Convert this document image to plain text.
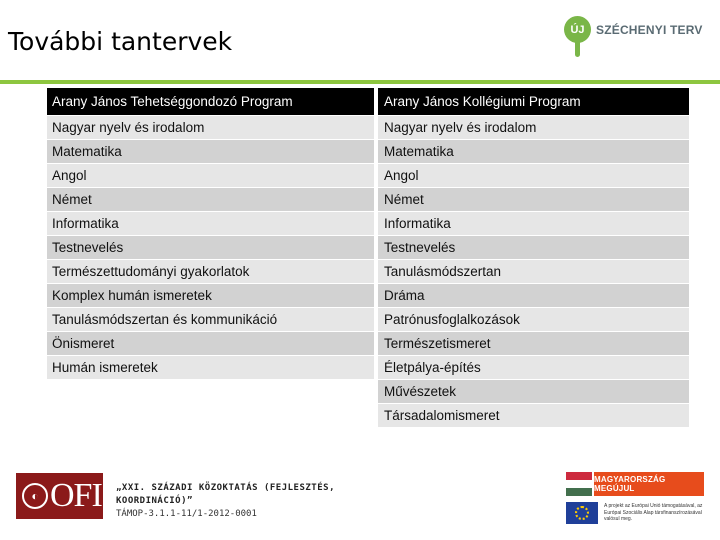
További tantervek	ÚJ SZÉCHENYI TERV
Arany János Tehetséggondozó Program
Nagyar nyelv és irodalom
Matematika
Angol
Német
Informatika
Testnevelés
Természettudományi gyakorlatok
Komplex humán ismeretek
Tanulásmódszertan és kommunikáció
Önismeret
Humán ismeretek
Arany János Kollégiumi Program
Nagyar nyelv és irodalom
Matematika
Angol
Német
Informatika
Testnevelés
Tanulásmódszertan
Dráma
Patrónusfoglalkozások
Természetismeret
Életpálya-építés
Művészetek
Társadalomismeret
◐ OFI „XXI. SZÁZADI KÖZOKTATÁS (FEJLESZTÉS,
KOORDINÁCIÓ)”
TÁMOP-3.1.1-11/1-2012-0001
MAGYARORSZÁG MEGÚJUL
A projekt az Európai Unió támogatásával, az Európai Szociális Alap társfinanszírozásával valósul meg.
